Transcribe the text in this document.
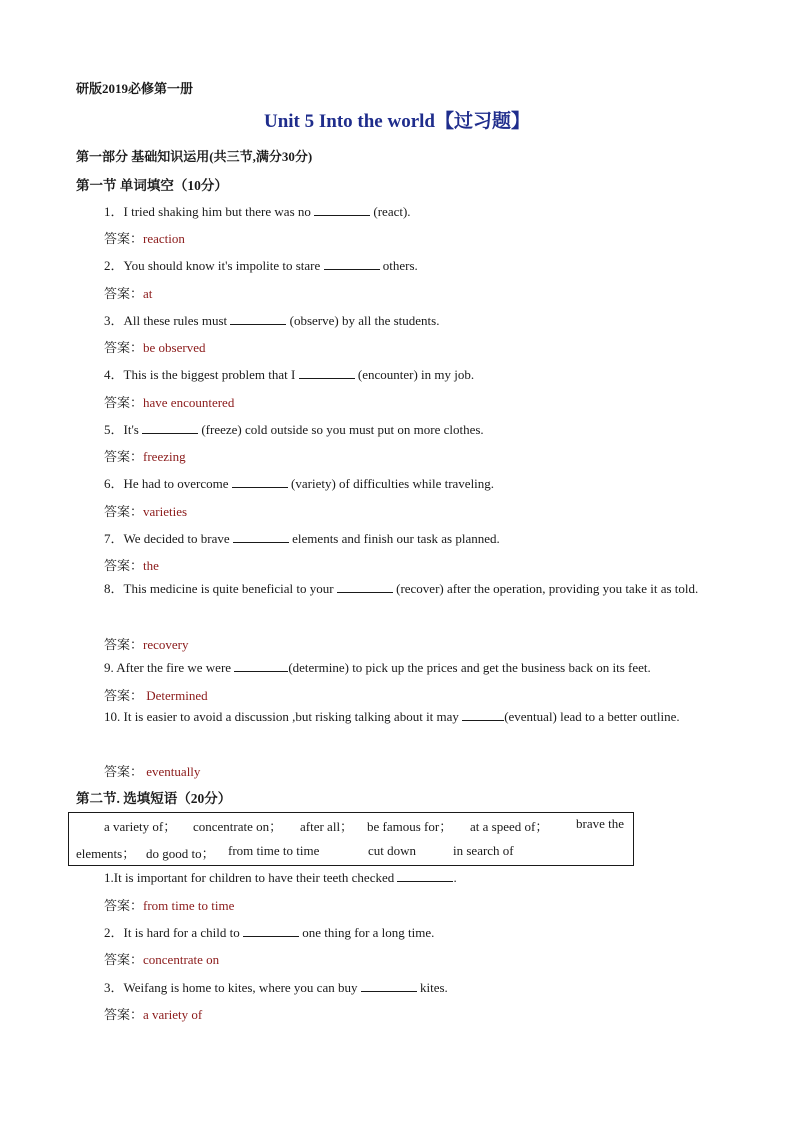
研版2019必修第一册
Unit 5 Into the world【过习题】
第一部分 基础知识运用(共三节,满分30分)
第一节 单词填空（10分）
1．I tried shaking him but there was no	(react).
答案：reaction
2．You should know it's impolite to stare	others.
答案：at
3．All these rules must	(observe) by all the students.
答案：be observed
4．This is the biggest problem that I	(encounter) in my job.
答案：have encountered
5．It's	(freeze) cold outside so you must put on more clothes.
答案：freezing
6．He had to overcome	(variety) of difficulties while traveling.
答案：varieties
7．We decided to brave	elements and finish our task as planned.
答案：the
8．This medicine is quite beneficial to your	(recover) after the operation, providing you take it as told.
答案：recovery
9. After the fire we were	(determine) to pick up the prices and get the business back on its feet.
答案： Determined
10. It is easier to avoid a discussion ,but risking talking about it may	(eventual) lead to a better outline.
答案： eventually
第二节. 选填短语（20分）
a variety of； concentrate on； after all； be famous for； at a speed of； brave the
elements； do good to； from time to time	cut down	in search of
1.It is important for children to have their teeth checked	.
答案：from time to time
2．It is hard for a child to	one thing for a long time.
答案：concentrate on
3．Weifang is home to kites, where you can buy	kites.
答案：a variety of
